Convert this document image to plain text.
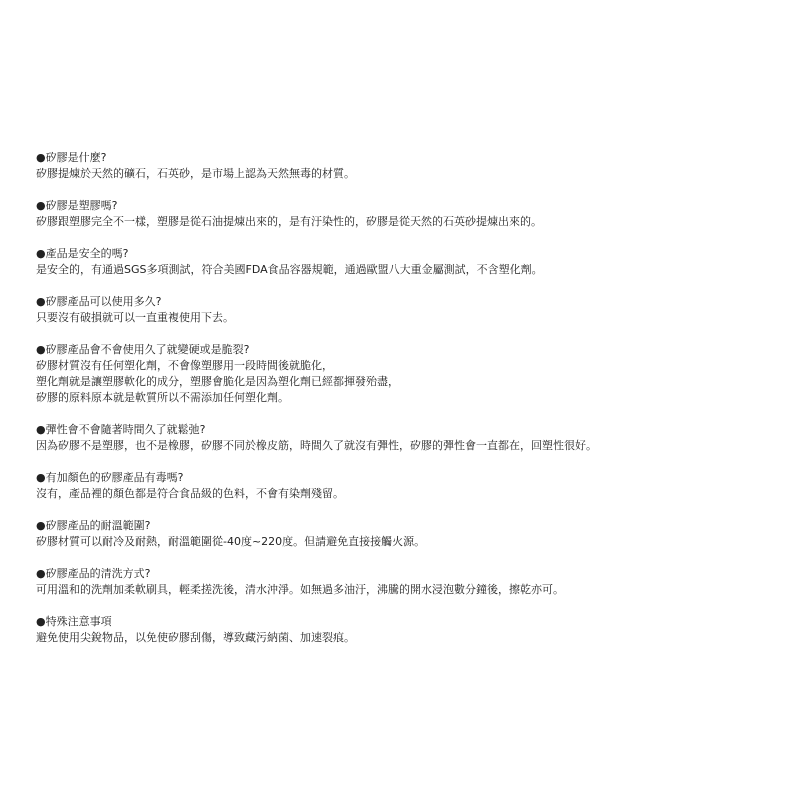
●矽膠是什麼?
矽膠提煉於天然的礦石，石英砂，是市場上認為天然無毒的材質。
●矽膠是塑膠嗎?
矽膠跟塑膠完全不一樣，塑膠是從石油提煉出來的，是有汙染性的，矽膠是從天然的石英砂提煉出來的。
●產品是安全的嗎?
是安全的，有通過SGS多項測試，符合美國FDA食品容器規範，通過歐盟八大重金屬測試，不含塑化劑。
●矽膠產品可以使用多久?
只要沒有破損就可以一直重複使用下去。
●矽膠產品會不會使用久了就變硬或是脆裂?
矽膠材質沒有任何塑化劑，不會像塑膠用一段時間後就脆化，
塑化劑就是讓塑膠軟化的成分，塑膠會脆化是因為塑化劑已經都揮發殆盡，
矽膠的原料原本就是軟質所以不需添加任何塑化劑。
●彈性會不會隨著時間久了就鬆弛?
因為矽膠不是塑膠，也不是橡膠，矽膠不同於橡皮筋，時間久了就沒有彈性，矽膠的彈性會一直都在，回塑性很好。
●有加顏色的矽膠產品有毒嗎?
沒有，產品裡的顏色都是符合食品級的色料，不會有染劑殘留。
●矽膠產品的耐溫範圍?
矽膠材質可以耐冷及耐熱，耐溫範圍從-40度~220度。但請避免直接接觸火源。
●矽膠產品的清洗方式?
可用溫和的洗劑加柔軟刷具，輕柔搓洗後，清水沖淨。如無過多油汙，沸騰的開水浸泡數分鐘後，擦乾亦可。
●特殊注意事項
避免使用尖銳物品，以免使矽膠刮傷，導致藏污納菌、加速裂痕。
